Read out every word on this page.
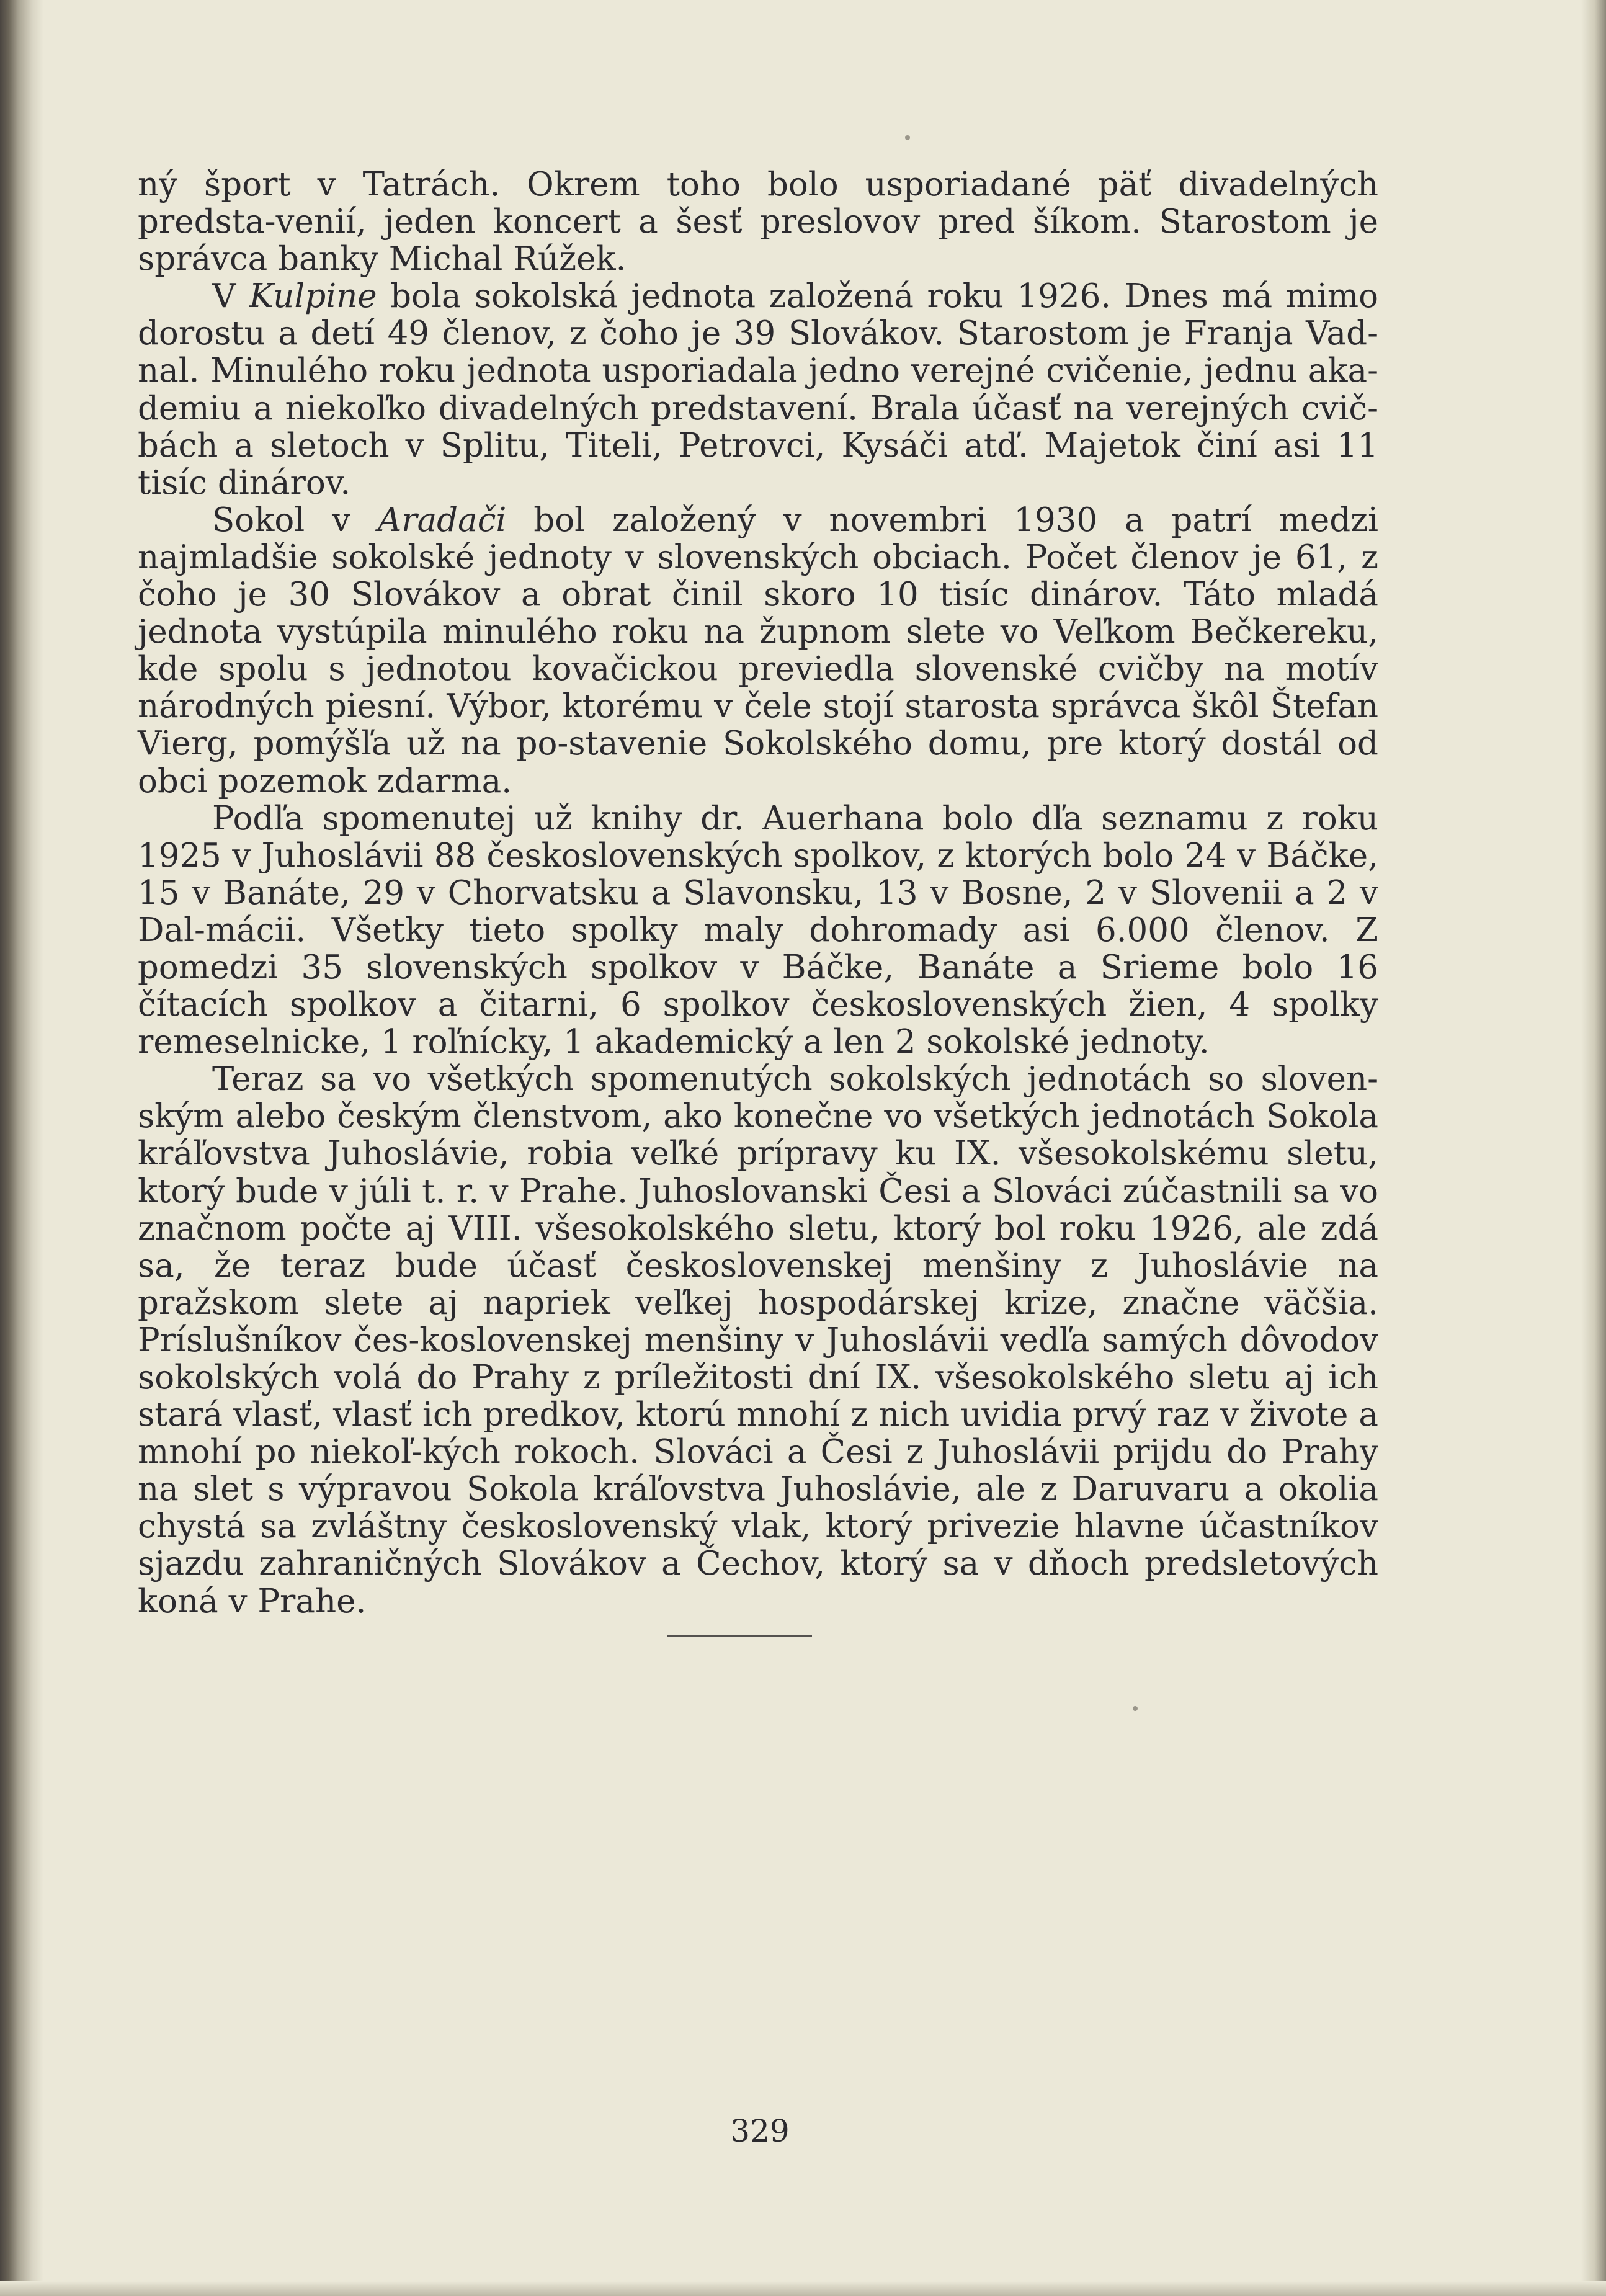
ný šport v Tatrách. Okrem toho bolo usporiadané päť divadelných predsta-venií, jeden koncert a šesť preslovov pred šíkom. Starostom je správca banky Michal Rúžek.

V Kulpine bola sokolská jednota založená roku 1926. Dnes má mimo dorostu a detí 49 členov, z čoho je 39 Slovákov. Starostom je Franja Vad-nal. Minulého roku jednota usporiadala jedno verejné cvičenie, jednu aka-demiu a niekoľko divadelných predstavení. Brala účasť na verejných cvič-bách a sletoch v Splitu, Titeli, Petrovci, Kysáči atď. Majetok činí asi 11 tisíc dinárov.

Sokol v Aradači bol založený v novembri 1930 a patrí medzi najmladšie sokolské jednoty v slovenských obciach. Počet členov je 61, z čoho je 30 Slovákov a obrat činil skoro 10 tisíc dinárov. Táto mladá jednota vystúpila minulého roku na župnom slete vo Veľkom Bečkereku, kde spolu s jednotou kovačickou previedla slovenské cvičby na motív národných piesní. Výbor, ktorému v čele stojí starosta správca škôl Štefan Vierg, pomýšľa už na po-stavenie Sokolského domu, pre ktorý dostál od obci pozemok zdarma.

Podľa spomenutej už knihy dr. Auerhana bolo dľa seznamu z roku 1925 v Juhoslávii 88 československých spolkov, z ktorých bolo 24 v Báčke, 15 v Banáte, 29 v Chorvatsku a Slavonsku, 13 v Bosne, 2 v Slovenii a 2 v Dal-mácii. Všetky tieto spolky maly dohromady asi 6.000 členov. Z pomedzi 35 slovenských spolkov v Báčke, Banáte a Srieme bolo 16 čítacích spolkov a čitarni, 6 spolkov československých žien, 4 spolky remeselnicke, 1 roľnícky, 1 akademický a len 2 sokolské jednoty.

Teraz sa vo všetkých spomenutých sokolských jednotách so sloven-ským alebo českým členstvom, ako konečne vo všetkých jednotách Sokola kráľovstva Juhoslávie, robia veľké prípravy ku IX. všesokolskému sletu, ktorý bude v júli t. r. v Prahe. Juhoslovanski Česi a Slováci zúčastnili sa vo značnom počte aj VIII. všesokolského sletu, ktorý bol roku 1926, ale zdá sa, že teraz bude účasť československej menšiny z Juhoslávie na pražskom slete aj napriek veľkej hospodárskej krize, značne väčšia. Príslušníkov čes-koslovenskej menšiny v Juhoslávii vedľa samých dôvodov sokolských volá do Prahy z príležitosti dní IX. všesokolského sletu aj ich stará vlasť, vlasť ich predkov, ktorú mnohí z nich uvidia prvý raz v živote a mnohí po niekoľ-kých rokoch. Slováci a Česi z Juhoslávii prijdu do Prahy na slet s výpravou Sokola kráľovstva Juhoslávie, ale z Daruvaru a okolia chystá sa zvláštny československý vlak, ktorý privezie hlavne účastníkov sjazdu zahraničných Slovákov a Čechov, ktorý sa v dňoch predsletových koná v Prahe.

329
